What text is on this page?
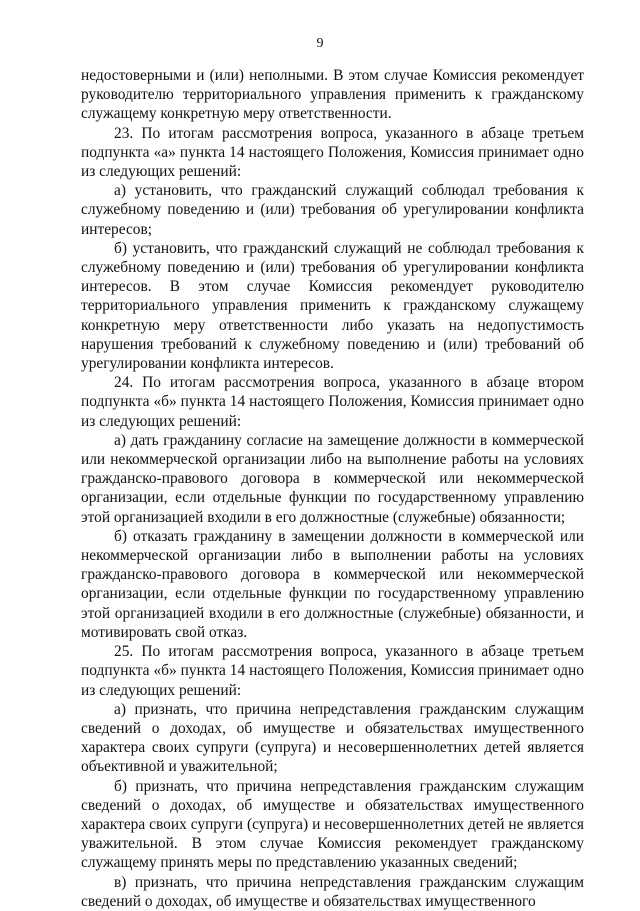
9

недостоверными и (или) неполными. В этом случае Комиссия рекомендует руководителю территориального управления применить к гражданскому служащему конкретную меру ответственности.

23. По итогам рассмотрения вопроса, указанного в абзаце третьем подпункта «а» пункта 14 настоящего Положения, Комиссия принимает одно из следующих решений:

а) установить, что гражданский служащий соблюдал требования к служебному поведению и (или) требования об урегулировании конфликта интересов;

б) установить, что гражданский служащий не соблюдал требования к служебному поведению и (или) требования об урегулировании конфликта интересов. В этом случае Комиссия рекомендует руководителю территориального управления применить к гражданскому служащему конкретную меру ответственности либо указать на недопустимость нарушения требований к служебному поведению и (или) требований об урегулировании конфликта интересов.

24. По итогам рассмотрения вопроса, указанного в абзаце втором подпункта «б» пункта 14 настоящего Положения, Комиссия принимает одно из следующих решений:

а) дать гражданину согласие на замещение должности в коммерческой или некоммерческой организации либо на выполнение работы на условиях гражданско-правового договора в коммерческой или некоммерческой организации, если отдельные функции по государственному управлению этой организацией входили в его должностные (служебные) обязанности;

б) отказать гражданину в замещении должности в коммерческой или некоммерческой организации либо в выполнении работы на условиях гражданско-правового договора в коммерческой или некоммерческой организации, если отдельные функции по государственному управлению этой организацией входили в его должностные (служебные) обязанности, и мотивировать свой отказ.

25. По итогам рассмотрения вопроса, указанного в абзаце третьем подпункта «б» пункта 14 настоящего Положения, Комиссия принимает одно из следующих решений:

а) признать, что причина непредставления гражданским служащим сведений о доходах, об имуществе и обязательствах имущественного характера своих супруги (супруга) и несовершеннолетних детей является объективной и уважительной;

б) признать, что причина непредставления гражданским служащим сведений о доходах, об имуществе и обязательствах имущественного характера своих супруги (супруга) и несовершеннолетних детей не является уважительной. В этом случае Комиссия рекомендует гражданскому служащему принять меры по представлению указанных сведений;

в) признать, что причина непредставления гражданским служащим сведений о доходах, об имуществе и обязательствах имущественного
